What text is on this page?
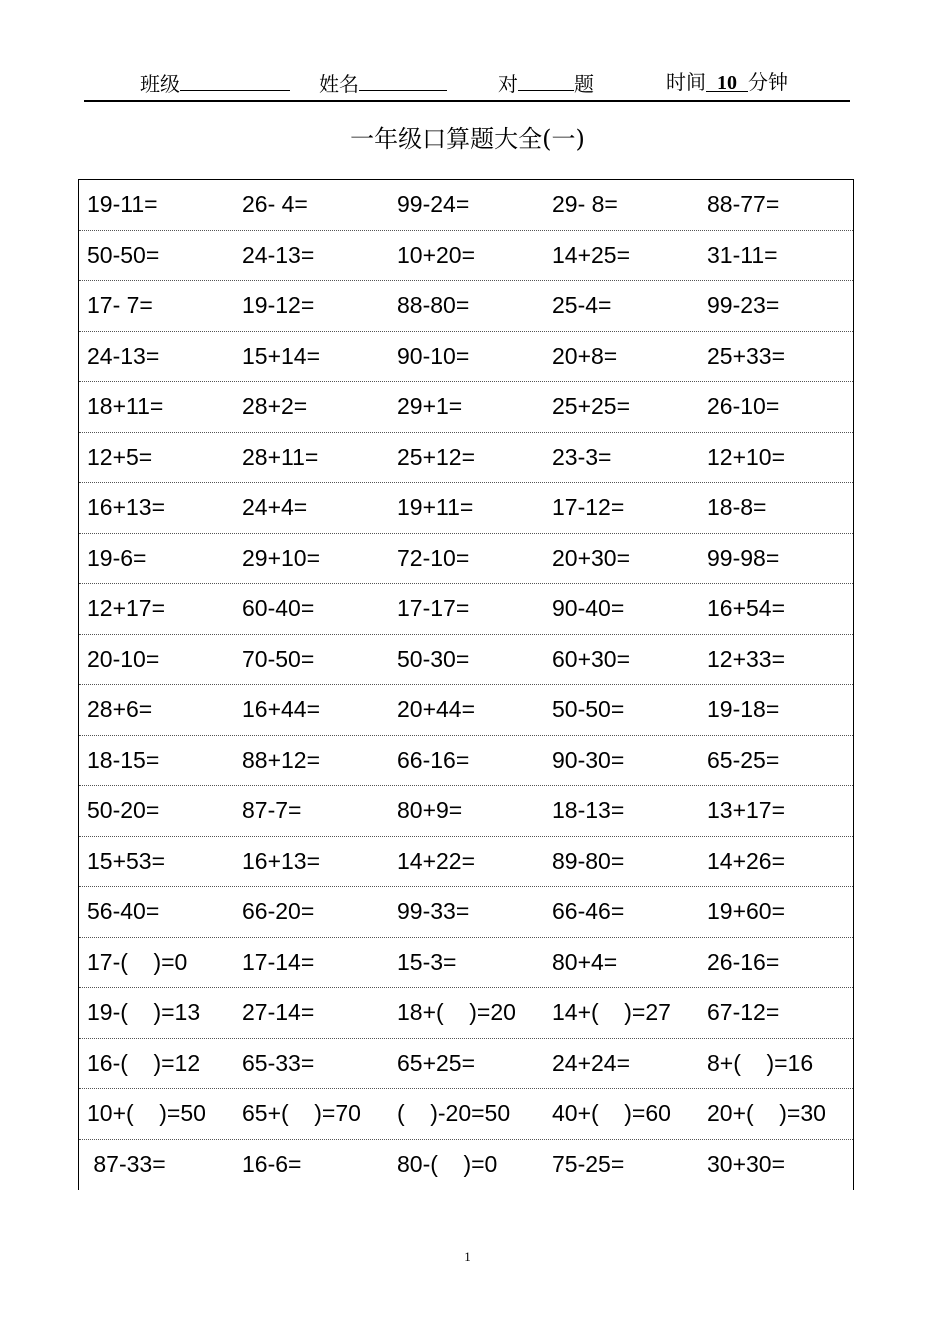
班级	姓名	对	题	时间 10 分钟
一年级口算题大全(一)
19-11=	26- 4=	99-24=	29- 8=	88-77=
50-50=	24-13=	10+20=	14+25=	31-11=
17- 7=	19-12=	88-80=	25-4=	99-23=
24-13=	15+14=	90-10=	20+8=	25+33=
18+11=	28+2=	29+1=	25+25=	26-10=
12+5=	28+11=	25+12=	23-3=	12+10=
16+13=	24+4=	19+11=	17-12=	18-8=
19-6=	29+10=	72-10=	20+30=	99-98=
12+17=	60-40=	17-17=	90-40=	16+54=
20-10=	70-50=	50-30=	60+30=	12+33=
28+6=	16+44=	20+44=	50-50=	19-18=
18-15=	88+12=	66-16=	90-30=	65-25=
50-20=	87-7=	80+9=	18-13=	13+17=
15+53=	16+13=	14+22=	89-80=	14+26=
56-40=	66-20=	99-33=	66-46=	19+60=
17-(    )=0	17-14=	15-3=	80+4=	26-16=
19-(    )=13	27-14=	18+(    )=20	14+(    )=27	67-12=
16-(    )=12	65-33=	65+25=	24+24=	8+(    )=16
10+(    )=50	65+(    )=70	(    )-20=50	40+(    )=60	20+(    )=30
87-33=	16-6=	80-(    )=0	75-25=	30+30=
1
